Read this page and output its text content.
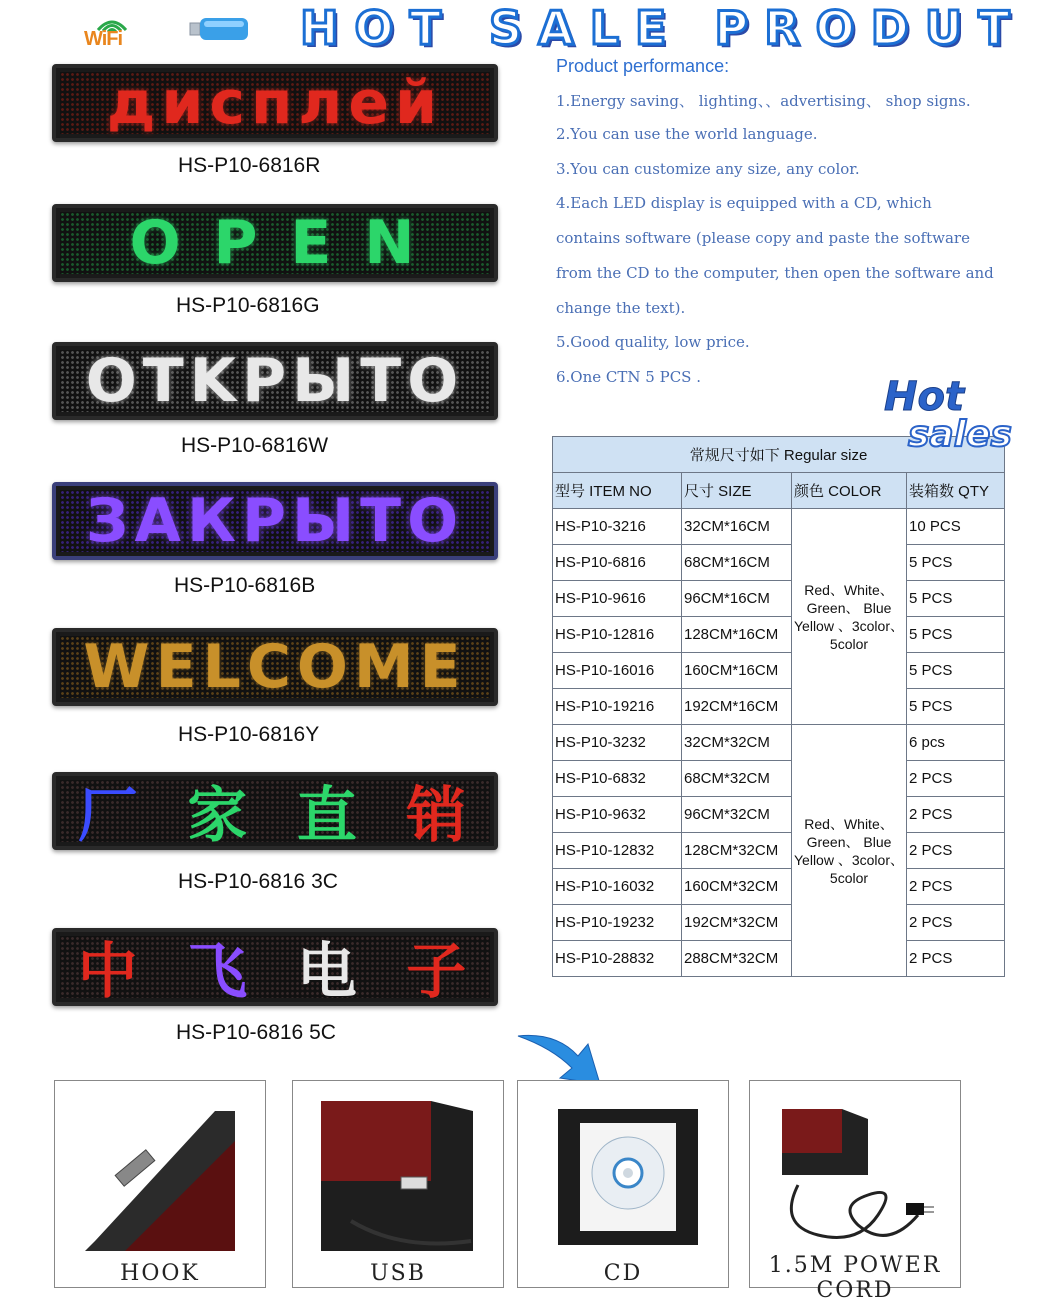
WiFi	HOT SALE PRODUT
дисплей
HS-P10-6816R
O P E N
HS-P10-6816G
OTKPЫTO
HS-P10-6816W
ЗАКРЫТО
HS-P10-6816B
WELCOME
HS-P10-6816Y
厂 家 直 销
HS-P10-6816 3C
中 飞 电 子
HS-P10-6816 5C
Product performance:
1.Energy saving、 lighting、、advertising、 shop signs.
2.You can use the world language.
3.You can customize any size, any color.
4.Each LED display is equipped with a CD, which
contains software (please copy and paste the software
from the CD to the computer, then open the software and
change the text).
5.Good quality, low price.
6.One CTN 5 PCS .
常规尺寸如下 Regular size			
型号 ITEM NO	尺寸 SIZE	颜色 COLOR	装箱数 QTY
HS-P10-3216	32CM*16CM	Red、White、Green、 Blue Yellow 、3color、5color	10 PCS
HS-P10-6816	68CM*16CM		5 PCS
HS-P10-9616	96CM*16CM		5 PCS
HS-P10-12816	128CM*16CM		5 PCS
HS-P10-16016	160CM*16CM		5 PCS
HS-P10-19216	192CM*16CM		5 PCS
HS-P10-3232	32CM*32CM	Red、White、Green、 Blue Yellow 、3color、5color	6 pcs
HS-P10-6832	68CM*32CM		2 PCS
HS-P10-9632	96CM*32CM		2 PCS
HS-P10-12832	128CM*32CM		2 PCS
HS-P10-16032	160CM*32CM		2 PCS
HS-P10-19232	192CM*32CM		2 PCS
HS-P10-28832	288CM*32CM		2 PCS
Hot
sales
HOOK	USB	CD	1.5M POWER CORD
